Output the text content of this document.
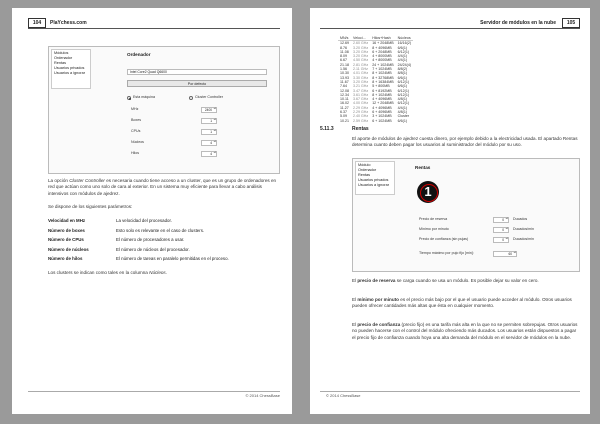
104	PlaYchess.com
Módulos
Ordenador
Rentas
Usuarios privados
Usuarios a ignorar
Ordenador
Intel Core2 Quad Q6600
Por defecto
Esta máquina	Cluster Controller
MHz	2400 ▴▾
Boxes	1 ▴▾
CPUs	1 ▴▾
Núcleos	4 ▴▾
Hilos	4 ▴▾
La opción Cluster Controller es necesaria cuando tiene acceso a un cluster, que es un grupo de ordenadores en red que actúan como uno solo de cara al exterior. En un sistema muy eficiente para llevar a cabo análisis intensivos con módulos de ajedrez.
Se dispone de los siguientes parámetros:
Velocidad en MHz	La velocidad del procesador.
Número de boxes	Esto solo es relevante en el caso de clusters.
Número de CPUs	El número de procesadores a usar.
Número de núcleos	El número de núcleos del procesador.
Número de hilos	El número de tareas en paralelo permitidas en el proceso.
Los clusters se indican como tales en la columna Núcleos.
© 2014 ChessBase
Servidor de módulos en la nube	105
MN/s	Veloci...	Hilos+Hash	Núcleos
12.69	2.60 GHz	16 + 2048MB	16/16(2)
8.76	3.20 GHz	8 + 4096MB	6/6(1)
11.08	3.20 GHz	6 + 2048MB	6/12(1)
8.09	3.20 GHz	4 + 8000MB	4/4(1)
6.67	4.50 GHz	4 + 8000MB	4/4(1)
21.18	2.81 GHz	24 + 1024MB	24/24(4)
1.56	2.11 GHz	7 + 1024MB	8/8(2)
10.30	4.01 GHz	8 + 1024MB	8/8(1)
13.93	3.30 GHz	8 + 32768MB	6/6(1)
11.67	3.20 GHz	8 + 16384MB	6/12(1)
7.64	3.21 GHz	5 + 800MB	6/6(1)
12.08	3.47 GHz	6 + 8192MB	6/12(1)
12.34	3.61 GHz	8 + 1024MB	6/12(1)
10.11	3.67 GHz	4 + 4096MB	4/8(1)
16.02	4.00 GHz	12 + 2048MB	6/12(1)
11.27	2.29 GHz	4 + 4096MB	4/4(1)
6.37	2.29 GHz	6 + 4096MB	4/8(1)
5.09	2.40 GHz	3 + 1024MB	Cluster
10.21	2.59 GHz	6 + 1024MB	6/6(1)
5.11.3	Rentas
El aporte de módulos de ajedrez cuesta dinero, por ejemplo debido a la electricidad usada. El apartado Rentas determina cuanto deben pagar los usuarios al suministrador del módulo por su uso.
Módulo
Ordenador
Rentas
Usuarios privados
Usuarios a ignorar
Rentas
1
Precio de reserva	0 ▴▾	Ducados
Mínimo por minuto	0 ▴▾	Ducados/min
Precio de confianza (sin pujas)	0 ▴▾	Ducados/min
Tiempo máximo por pujo fijo [min]:	60 ▴▾
El precio de reserva se carga cuando se usa un módulo. Es posible dejar su valor en cero.
El mínimo por minuto es el precio más bajo por el que el usuario puede acceder al módulo. Otros usuarios pueden ofrecer cantidades más altas que ésta en cualquier momento.
El precio de confianza (precio fijo) es una tarifa más alta en la que no se permiten sobrepujas. Otros usuarios no pueden hacerse con el control del módulo ofreciendo más ducados. Los usuarios están dispuestos a pagar el precio fijo de confianza cuando hoya una alta demanda del módulo en el servidor de módulos en la nube.
© 2014 ChessBase
